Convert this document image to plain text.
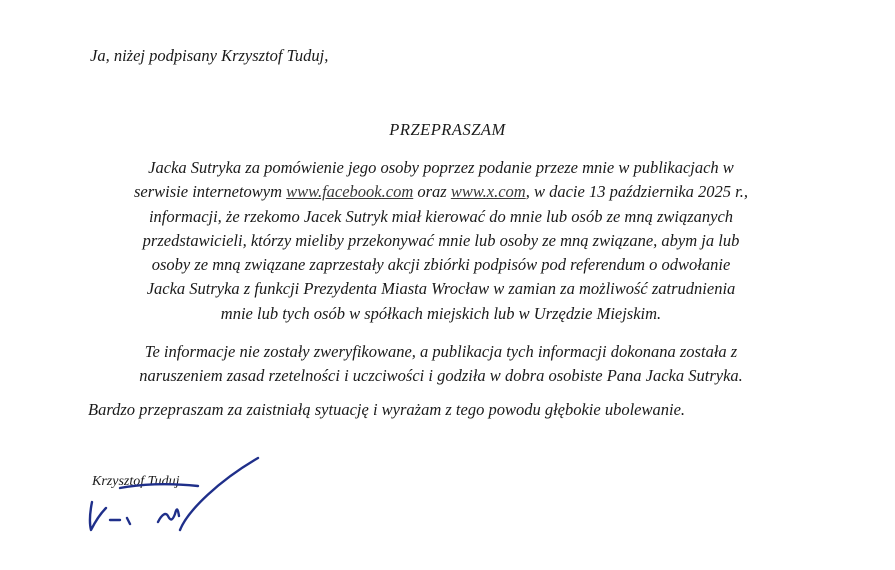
Ja, niżej podpisany Krzysztof Tuduj,
PRZEPRASZAM
Jacka Sutryka za pomówienie jego osoby poprzez podanie przeze mnie w publikacjach w
serwisie internetowym www.facebook.com oraz www.x.com, w dacie 13 października 2025 r.,
informacji, że rzekomo Jacek Sutryk miał kierować do mnie lub osób ze mną związanych
przedstawicieli, którzy mieliby przekonywać mnie lub osoby ze mną związane, abym ja lub
osoby ze mną związane zaprzestały akcji zbiórki podpisów pod referendum o odwołanie
Jacka Sutryka z funkcji Prezydenta Miasta Wrocław w zamian za możliwość zatrudnienia
mnie lub tych osób w spółkach miejskich lub w Urzędzie Miejskim.
Te informacje nie zostały zweryfikowane, a publikacja tych informacji dokonana została z
naruszeniem zasad rzetelności i uczciwości i godziła w dobra osobiste Pana Jacka Sutryka.
Bardzo przepraszam za zaistniałą sytuację i wyrażam z tego powodu głębokie ubolewanie.
Krzysztof Tuduj
